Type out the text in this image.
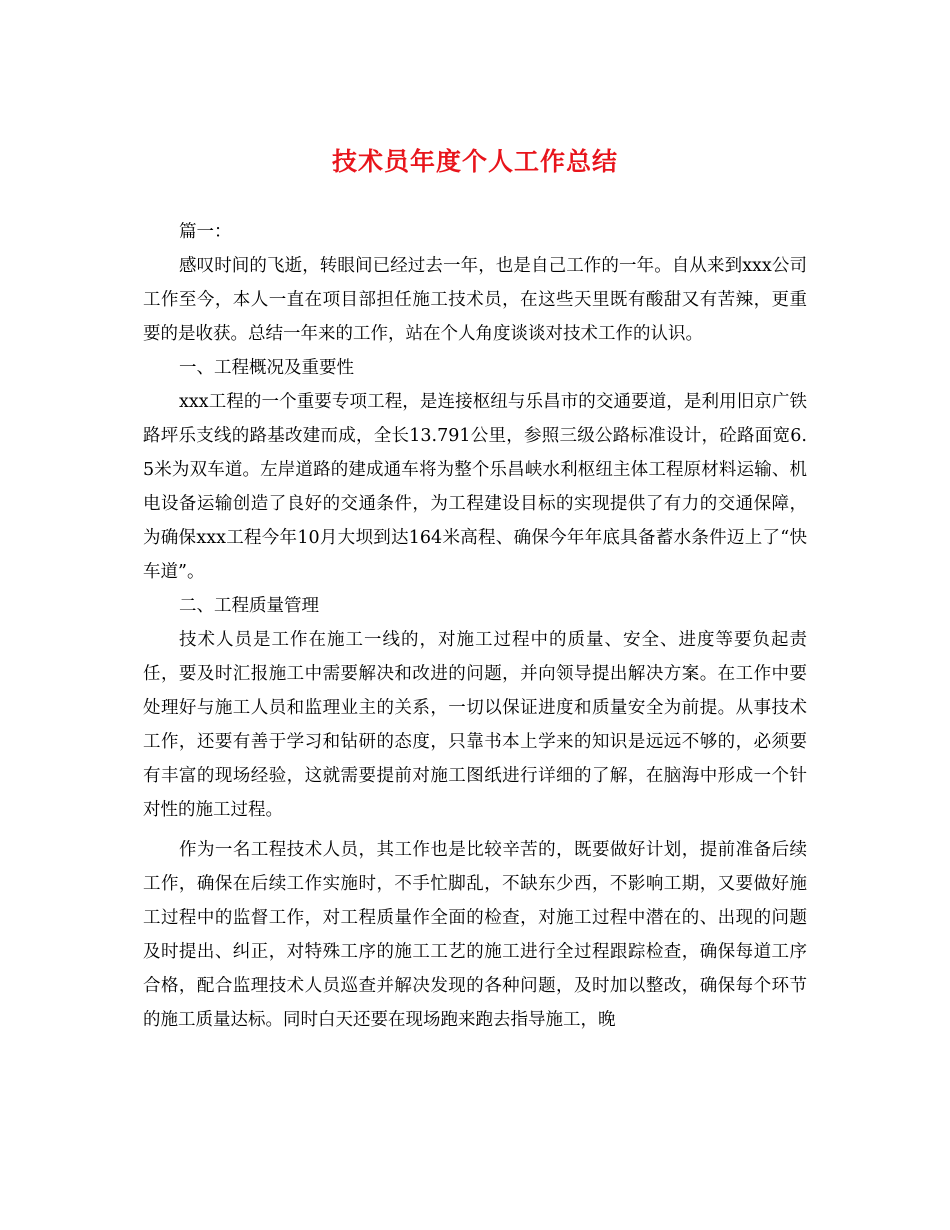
技术员年度个人工作总结

篇一：

感叹时间的飞逝，转眼间已经过去一年，也是自己工作的一年。自从来到xxx公司工作至今，本人一直在项目部担任施工技术员，在这些天里既有酸甜又有苦辣，更重要的是收获。总结一年来的工作，站在个人角度谈谈对技术工作的认识。

一、工程概况及重要性

xxx工程的一个重要专项工程，是连接枢纽与乐昌市的交通要道，是利用旧京广铁路坪乐支线的路基改建而成，全长13.791公里，参照三级公路标准设计，砼路面宽6.5米为双车道。左岸道路的建成通车将为整个乐昌峡水利枢纽主体工程原材料运输、机电设备运输创造了良好的交通条件，为工程建设目标的实现提供了有力的交通保障，为确保xxx工程今年10月大坝到达164米高程、确保今年年底具备蓄水条件迈上了“快车道”。

二、工程质量管理

技术人员是工作在施工一线的，对施工过程中的质量、安全、进度等要负起责任，要及时汇报施工中需要解决和改进的问题，并向领导提出解决方案。在工作中要处理好与施工人员和监理业主的关系，一切以保证进度和质量安全为前提。从事技术工作，还要有善于学习和钻研的态度，只靠书本上学来的知识是远远不够的，必须要有丰富的现场经验，这就需要提前对施工图纸进行详细的了解，在脑海中形成一个针对性的施工过程。

作为一名工程技术人员，其工作也是比较辛苦的，既要做好计划，提前准备后续工作，确保在后续工作实施时，不手忙脚乱，不缺东少西，不影响工期，又要做好施工过程中的监督工作，对工程质量作全面的检查，对施工过程中潜在的、出现的问题及时提出、纠正，对特殊工序的施工工艺的施工进行全过程跟踪检查，确保每道工序合格，配合监理技术人员巡查并解决发现的各种问题，及时加以整改，确保每个环节的施工质量达标。同时白天还要在现场跑来跑去指导施工，晚
